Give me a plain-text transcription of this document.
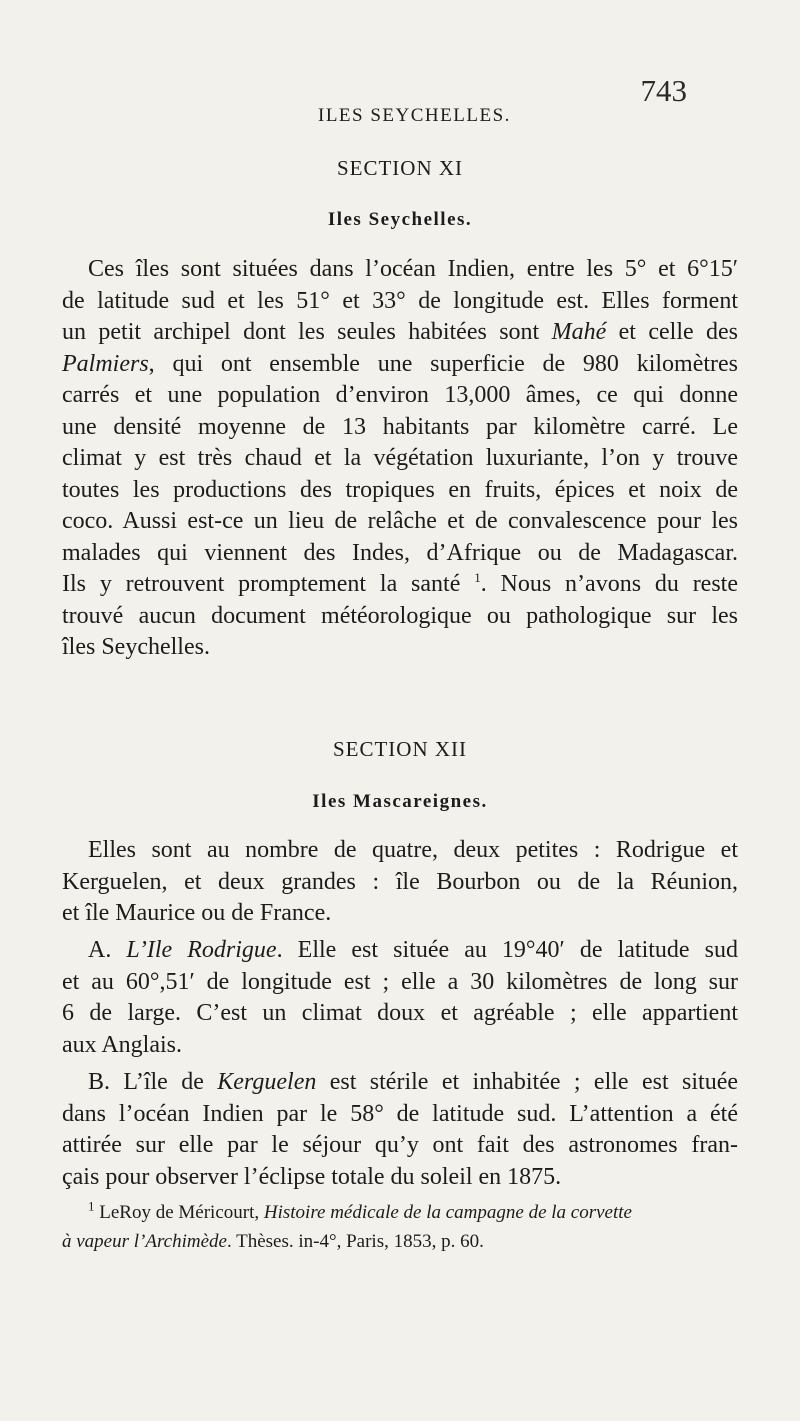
ILES SEYCHELLES.
743
SECTION XI
Iles Seychelles.
Ces îles sont situées dans l’océan Indien, entre les 5° et 6°15′
de latitude sud et les 51° et 33° de longitude est. Elles forment
un petit archipel dont les seules habitées sont Mahé et celle des
Palmiers, qui ont ensemble une superficie de 980 kilomètres
carrés et une population d’environ 13,000 âmes, ce qui donne
une densité moyenne de 13 habitants par kilomètre carré. Le
climat y est très chaud et la végétation luxuriante, l’on y trouve
toutes les productions des tropiques en fruits, épices et noix de
coco. Aussi est-ce un lieu de relâche et de convalescence pour les
malades qui viennent des Indes, d’Afrique ou de Madagascar.
Ils y retrouvent promptement la santé $^1$. Nous n’avons du reste
trouvé aucun document météorologique ou pathologique sur les
îles Seychelles.
SECTION XII
Iles Mascareignes.
Elles sont au nombre de quatre, deux petites : Rodrigue et
Kerguelen, et deux grandes : île Bourbon ou de la Réunion,
et île Maurice ou de France.
A. L’Ile Rodrigue. Elle est située au 19°40′ de latitude sud
et au 60°,51′ de longitude est ; elle a 30 kilomètres de long sur
6 de large. C’est un climat doux et agréable ; elle appartient
aux Anglais.
B. L’île de Kerguelen est stérile et inhabitée ; elle est située
dans l’océan Indien par le 58° de latitude sud. L’attention a été
attirée sur elle par le séjour qu’y ont fait des astronomes fran-
çais pour observer l’éclipse totale du soleil en 1875.
$^1$ LeRoy de Méricourt, Histoire médicale de la campagne de la corvette
à vapeur l’Archimède. Thèses. in-4°, Paris, 1853, p. 60.
